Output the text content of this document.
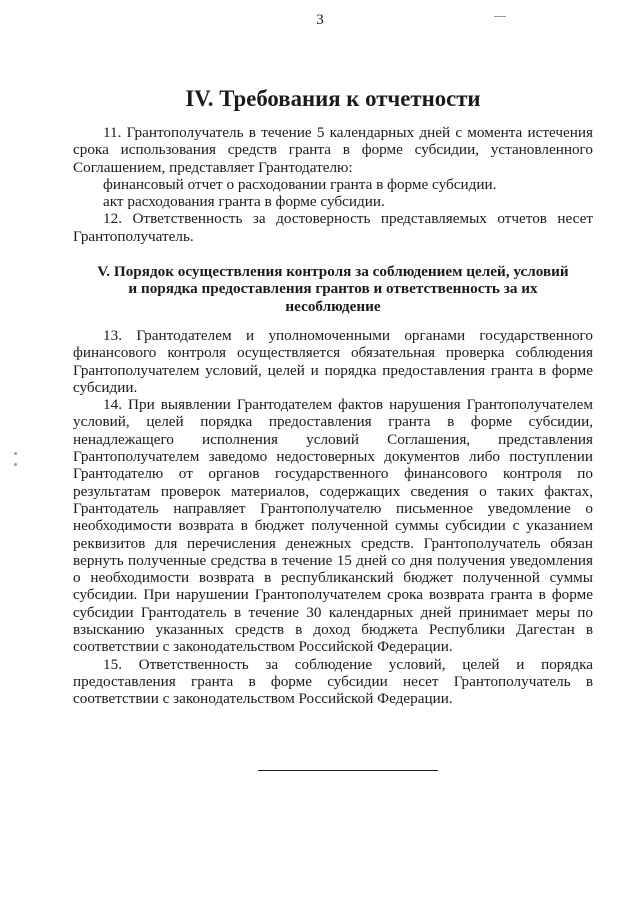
3
IV. Требования к отчетности

11. Грантополучатель в течение 5 календарных дней с момента истечения срока использования средств гранта в форме субсидии, установленного Соглашением, представляет Грантодателю:

финансовый отчет о расходовании гранта в форме субсидии.

акт расходования гранта в форме субсидии.

12. Ответственность за достоверность представляемых отчетов несет Грантополучатель.

V. Порядок осуществления контроля за соблюдением целей, условий
и порядка предоставления грантов и ответственность за их
несоблюдение

13. Грантодателем и уполномоченными органами государственного финансового контроля осуществляется обязательная проверка соблюдения Грантополучателем условий, целей и порядка предоставления гранта в форме субсидии.

14. При выявлении Грантодателем фактов нарушения Грантополучателем условий, целей порядка предоставления гранта в форме субсидии, ненадлежащего исполнения условий Соглашения, представления Грантополучателем заведомо недостоверных документов либо поступлении Грантодателю от органов государственного финансового контроля по результатам проверок материалов, содержащих сведения о таких фактах, Грантодатель направляет Грантополучателю письменное уведомление о необходимости возврата в бюджет полученной суммы субсидии с указанием реквизитов для перечисления денежных средств. Грантополучатель обязан вернуть полученные средства в течение 15 дней со дня получения уведомления о необходимости возврата в республиканский бюджет полученной суммы субсидии. При нарушении Грантополучателем срока возврата гранта в форме субсидии Грантодатель в течение 30 календарных дней принимает меры по взысканию указанных средств в доход бюджета Республики Дагестан в соответствии с законодательством Российской Федерации.

15. Ответственность за соблюдение условий, целей и порядка предоставления гранта в форме субсидии несет Грантополучатель в соответствии с законодательством Российской Федерации.
